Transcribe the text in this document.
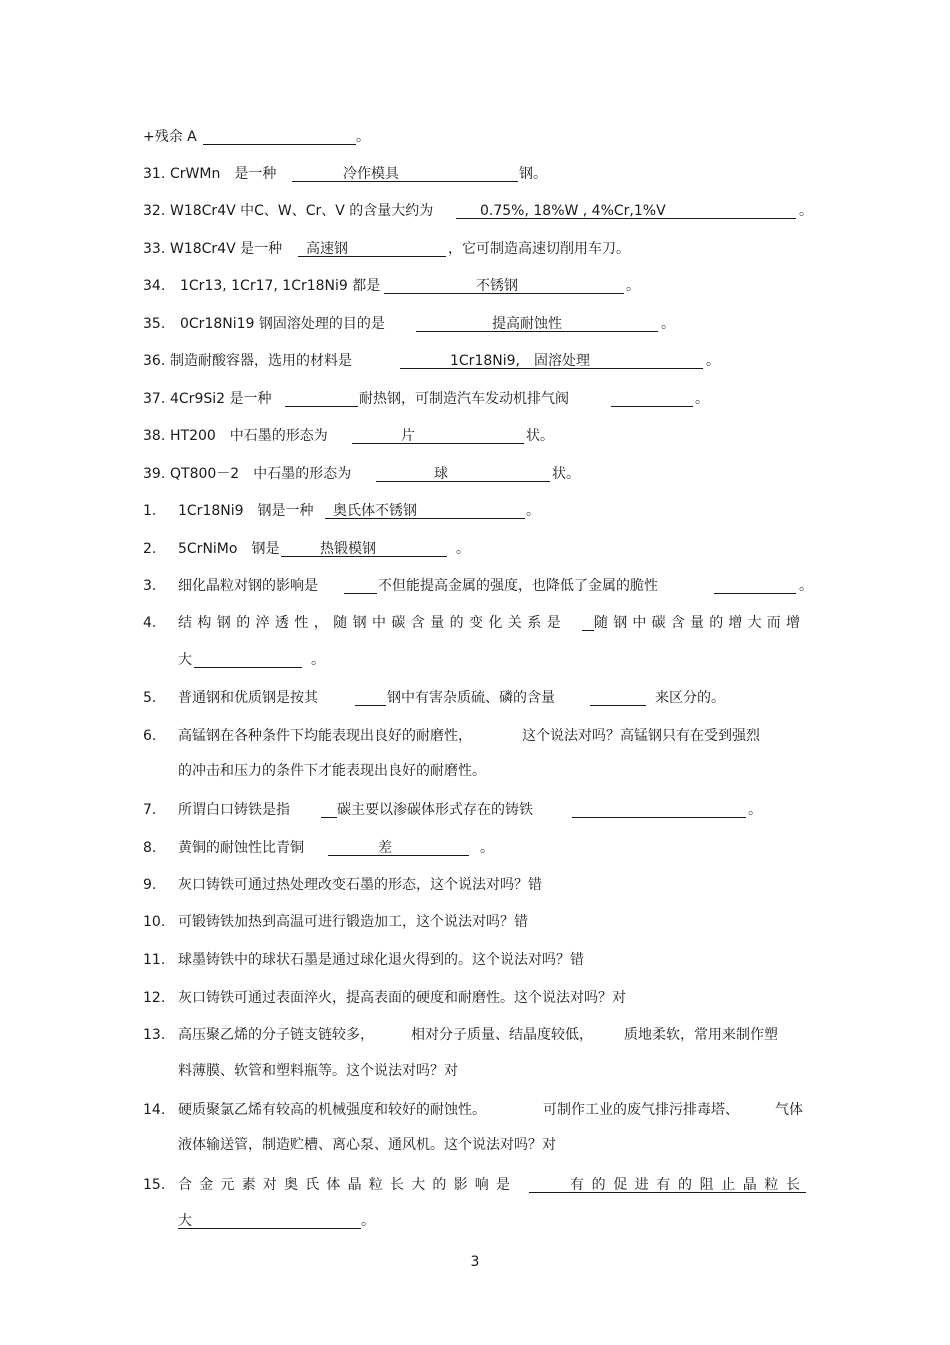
+残余 A	。
31. CrWMn　是一种	冷作模具	钢。
32. W18Cr4V 中C、W、Cr、V 的含量大约为	0.75%, 18%W , 4%Cr,1%V	。
33. W18Cr4V 是一种 高速钢	，它可制造高速切削用车刀。
34. 1Cr13, 1Cr17, 1Cr18Ni9 都是	不锈钢	。
35. 0Cr18Ni19 钢固溶处理的目的是	提高耐蚀性	。
36. 制造耐酸容器，选用的材料是	1Cr18Ni9,　固溶处理	。
37. 4Cr9Si2 是一种	耐热钢，可制造汽车发动机排气阀	。
38. HT200　中石墨的形态为	片	状。
39. QT800－2　中石墨的形态为	球	状。
1. 1Cr18Ni9　钢是一种 奥氏体不锈钢	。
2. 5CrNiMo　钢是	热锻模钢	。
3. 细化晶粒对钢的影响是	不但能提高金属的强度，也降低了金属的脆性	。
4. 结构钢的淬透性，随钢中碳含量的变化关系是 随钢中碳含量的增大而增
大	。
5. 普通钢和优质钢是按其	钢中有害杂质硫、磷的含量	来区分的。
6. 高锰钢在各种条件下均能表现出良好的耐磨性，	这个说法对吗？高锰钢只有在受到强烈
的冲击和压力的条件下才能表现出良好的耐磨性。
7. 所谓白口铸铁是指	碳主要以渗碳体形式存在的铸铁	。
8. 黄铜的耐蚀性比青铜	差	。
9. 灰口铸铁可通过热处理改变石墨的形态，这个说法对吗？错
10. 可锻铸铁加热到高温可进行锻造加工，这个说法对吗？错
11. 球墨铸铁中的球状石墨是通过球化退火得到的。这个说法对吗？错
12. 灰口铸铁可通过表面淬火，提高表面的硬度和耐磨性。这个说法对吗？对
13. 高压聚乙烯的分子链支链较多，	相对分子质量、结晶度较低， 质地柔软，常用来制作塑
料薄膜、软管和塑料瓶等。这个说法对吗？对
14. 硬质聚氯乙烯有较高的机械强度和较好的耐蚀性。	可制作工业的废气排污排毒塔、	气体
液体输送管，制造贮槽、离心泵、通风机。这个说法对吗？对
15. 合金元素对奥氏体晶粒长大的影响是	有的促进有的阻止晶粒长
大	。
3
